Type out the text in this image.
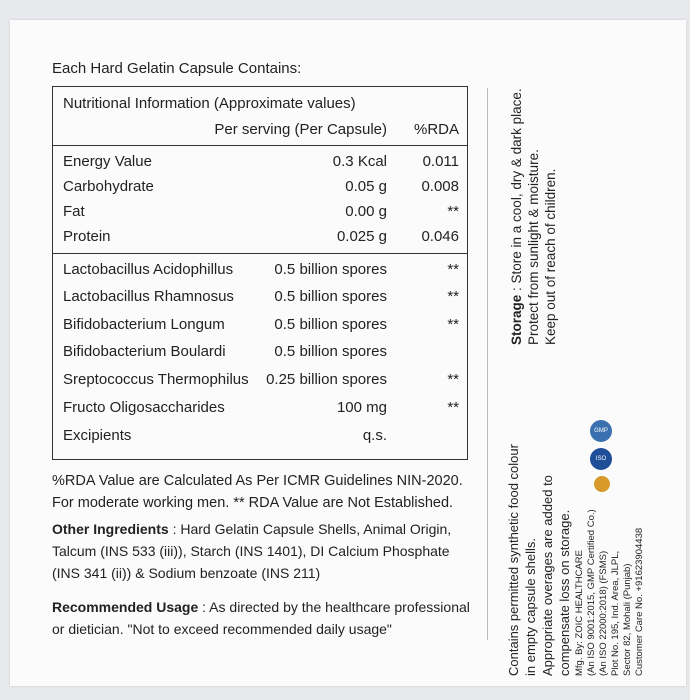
Each Hard Gelatin Capsule Contains:
Nutritional Information (Approximate values)
Per serving (Per Capsule)	%RDA
Energy Value	0.3 Kcal	0.011
Carbohydrate	0.05 g	0.008
Fat	0.00 g	**
Protein	0.025 g	0.046
Lactobacillus Acidophillus	0.5 billion spores	**
Lactobacillus Rhamnosus	0.5 billion spores	**
Bifidobacterium Longum	0.5 billion spores	**
Bifidobacterium Boulardi	0.5 billion spores
Sreptococcus Thermophilus 0.25 billion spores	**
Fructo Oligosaccharides	100 mg	**
Excipients	q.s.
%RDA Value are Calculated As Per ICMR Guidelines NIN-2020.
For moderate working men. ** RDA Value are Not Established.
Other Ingredients : Hard Gelatin Capsule Shells, Animal Origin,
Talcum (INS 533 (iii)), Starch (INS 1401), DI Calcium Phosphate
(INS 341 (ii)) & Sodium benzoate (INS 211)
Recommended Usage : As directed by the healthcare professional
or dietician. "Not to exceed recommended daily usage"
Storage : Store in a cool, dry & dark place. Protect from sunlight & moisture. Keep out of reach of children.
Contains permitted synthetic food colour in empty capsule shells. Appropriate overages are added to compensate loss on storage. Mfg. By: ZOIC HEALTHCARE (An ISO 9001:2015, GMP Certified Co.) (An ISO 22000:2018) (FSMS) Plot No. 195, Ind. Area, JLPL, Sector 82, Mohali (Punjab) Customer Care No. +91623904438
GMP
ISO
